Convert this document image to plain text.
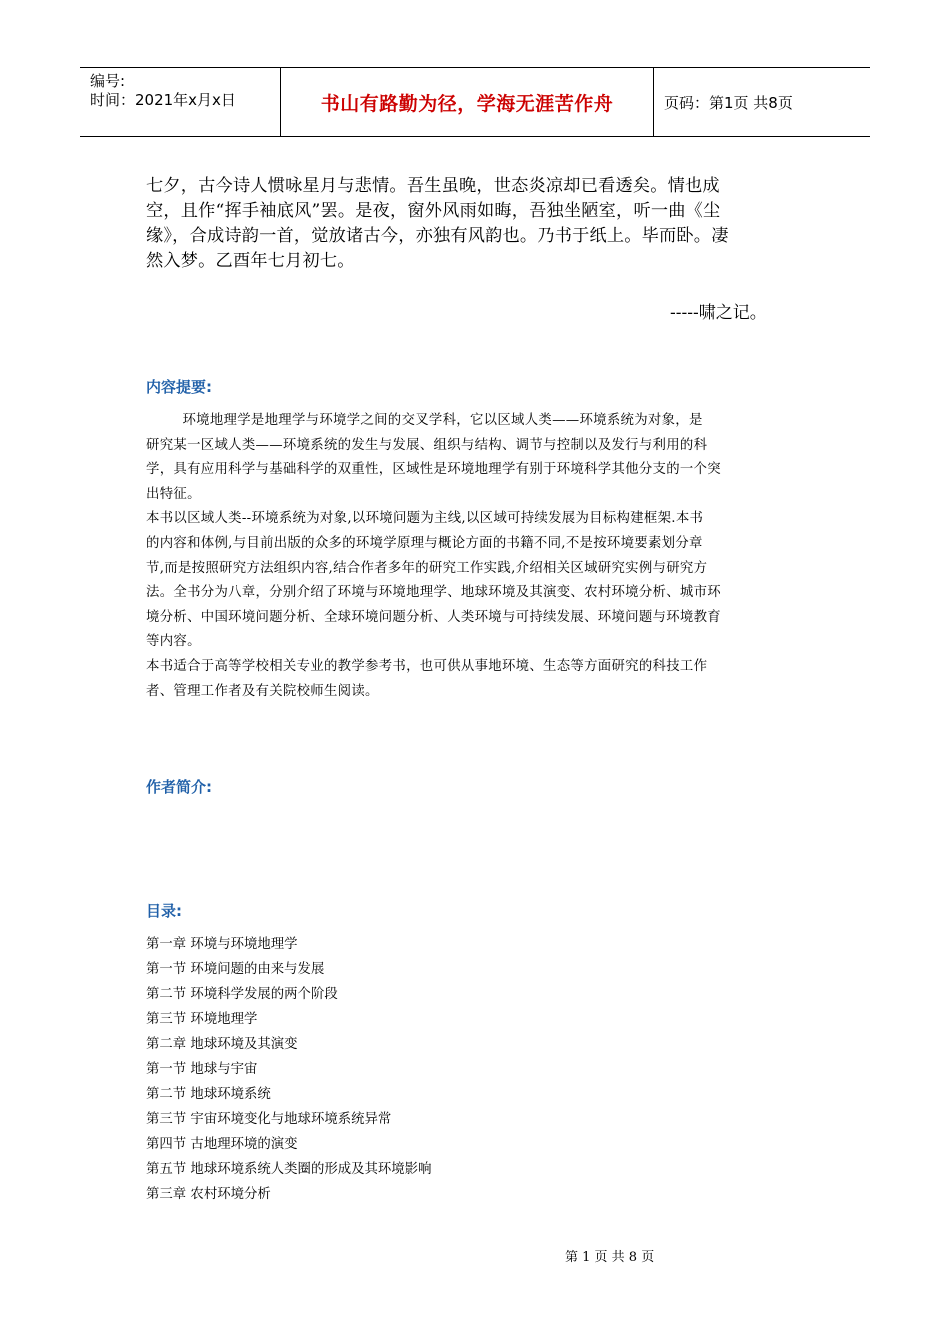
编号:
时间：2021年x月x日	书山有路勤为径，学海无涯苦作舟	页码：第1页 共8页

七夕，古今诗人惯咏星月与悲情。吾生虽晚，世态炎凉却已看透矣。情也成

空，且作“挥手袖底风”罢。是夜，窗外风雨如晦，吾独坐陋室，听一曲《尘

缘》，合成诗韵一首，觉放诸古今，亦独有风韵也。乃书于纸上。毕而卧。凄

然入梦。乙酉年七月初七。

-----啸之记。
内容提要:

环境地理学是地理学与环境学之间的交叉学科，它以区域人类——环境系统为对象，是

研究某一区域人类——环境系统的发生与发展、组织与结构、调节与控制以及发行与利用的科

学，具有应用科学与基础科学的双重性，区域性是环境地理学有别于环境科学其他分支的一个突

出特征。

本书以区域人类--环境系统为对象,以环境问题为主线,以区域可持续发展为目标构建框架.本书

的内容和体例,与目前出版的众多的环境学原理与概论方面的书籍不同,不是按环境要素划分章

节,而是按照研究方法组织内容,结合作者多年的研究工作实践,介绍相关区域研究实例与研究方

法。全书分为八章，分别介绍了环境与环境地理学、地球环境及其演变、农村环境分析、城市环

境分析、中国环境问题分析、全球环境问题分析、人类环境与可持续发展、环境问题与环境教育

等内容。

本书适合于高等学校相关专业的教学参考书，也可供从事地环境、生态等方面研究的科技工作

者、管理工作者及有关院校师生阅读。

作者简介:
目录:
第一章 环境与环境地理学
第一节 环境问题的由来与发展
第二节 环境科学发展的两个阶段
第三节 环境地理学
第二章 地球环境及其演变
第一节 地球与宇宙
第二节 地球环境系统
第三节 宇宙环境变化与地球环境系统异常
第四节 古地理环境的演变
第五节 地球环境系统人类圈的形成及其环境影响
第三章 农村环境分析
第 1 页 共 8 页
